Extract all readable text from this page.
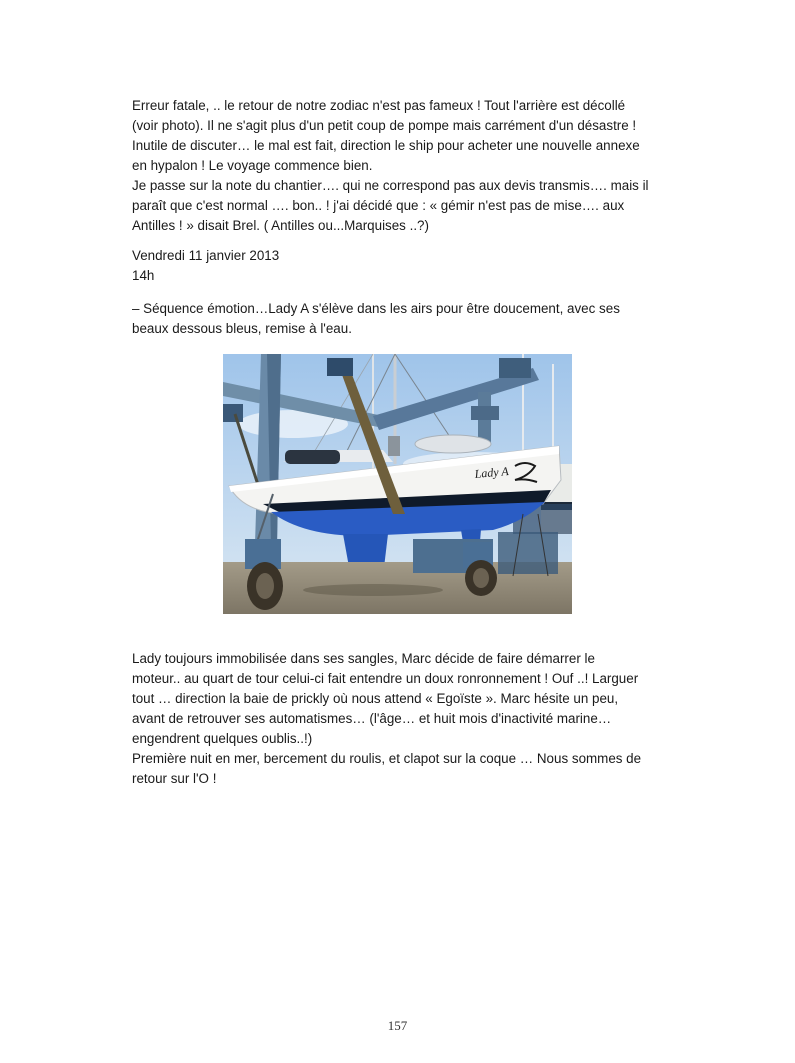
Erreur fatale, .. le retour de notre zodiac n'est pas fameux ! Tout l'arrière est décollé

(voir photo). Il ne s'agit plus d'un petit coup de pompe mais carrément d'un désastre !

Inutile de discuter… le mal est fait, direction le ship pour acheter une nouvelle annexe

en hypalon ! Le voyage commence bien.

Je passe sur la note du chantier…. qui ne correspond pas aux devis transmis…. mais il

paraît que c'est normal …. bon.. ! j'ai décidé que : « gémir n'est pas de mise…. aux

Antilles ! » disait Brel. ( Antilles ou...Marquises ..?)

Vendredi 11 janvier 2013

14h

– Séquence émotion…Lady A s'élève dans les airs pour être doucement, avec ses

beaux dessous bleus, remise à l'eau.

Lady A

Lady toujours immobilisée dans ses sangles, Marc décide de faire démarrer le

moteur.. au quart de tour celui-ci fait entendre un doux ronronnement ! Ouf ..! Larguer

tout … direction la baie de prickly où nous attend « Egoïste ». Marc hésite un peu,

avant de retrouver ses automatismes… (l'âge… et huit mois d'inactivité marine…

engendrent quelques oublis..!)

Première nuit en mer, bercement du roulis, et clapot sur la coque … Nous sommes de

retour sur l'O !

157
